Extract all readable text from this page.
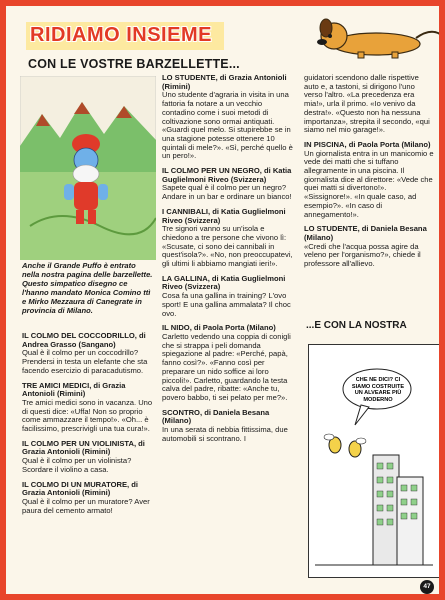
RIDIAMO INSIEME
CON LE VOSTRE BARZELLETTE...
Anche il Grande Puffo è entrato nella nostra pagina delle barzellette. Questo simpatico disegno ce l'hanno mandato Monica Comino ttì e Mirko Mezzaura di Canegrate in provincia di Milano.

IL COLMO DEL COCCODRILLO, di Andrea Grasso (Sangano)

Qual è il colmo per un coccodrillo? Prendersi in testa un elefante che sta facendo esercizio di paracadutismo.

TRE AMICI MEDICI, di Grazia Antonioli (Rimini)

Tre amici medici sono in vacanza. Uno di questi dice: «Uffa! Non so proprio come ammazzare il tempo!». «Oh... è facilissimo, prescrivigli una tua cura!».

IL COLMO PER UN VIOLINISTA, di Grazia Antonioli (Rimini)

Qual è il colmo per un violinista? Scordare il violino a casa.

IL COLMO DI UN MURATORE, di Grazia Antonioli (Rimini)

Qual è il colmo per un muratore? Aver paura del cemento armato!

LO STUDENTE, di Grazia Antonioli (Rimini)

Uno studente d'agraria in visita in una fattoria fa notare a un vecchio contadino come i suoi metodi di coltivazione sono ormai antiquati. «Guardi quel melo. Si stupirebbe se in una stagione potesse ottenere 10 quintali di mele?». «Sì, perché quello è un pero!».

IL COLMO PER UN NEGRO, di Katia Guglielmoni Riveo (Svizzera)

Sapete qual è il colmo per un negro? Andare in un bar e ordinare un bianco!

I CANNIBALI, di Katia Guglielmoni Riveo (Svizzera)

Tre signori vanno su un'isola e chiedono a tre persone che vivono lì: «Scusate, ci sono dei cannibali in quest'isola?». «No, non preoccupatevi, gli ultimi li abbiamo mangiati ieri!».

LA GALLINA, di Katia Guglielmoni Riveo (Svizzera)

Cosa fa una gallina in training? L'ovo sport! E una gallina ammalata? Il choc ovo.

IL NIDO, di Paola Porta (Milano)

Carletto vedendo una coppia di conigli che si strappa i peli domanda spiegazione al padre: «Perché, papà, fanno così?». «Fanno così per preparare un nido soffice ai loro piccoli!». Carletto, guardando la testa calva del padre, ribatte: «Anche tu, povero babbo, ti sei pelato per me?».

SCONTRO, di Daniela Besana (Milano)

In una serata di nebbia fittissima, due automobili si scontrano. I

guidatori scendono dalle rispettive auto e, a tastoni, si dirigono l'uno verso l'altro. «La precedenza era mia!», urla il primo. «Io venivo da destra!». «Questo non ha nessuna importanza», strepita il secondo, «qui siamo nel mio garage!».

IN PISCINA, di Paola Porta (Milano)

Un giornalista entra in un manicomio e vede dei matti che si tuffano allegramente in una piscina. Il giornalista dice al direttore: «Vede che quei matti si divertono!». «Sissignore!». «In quale caso, ad esempio?». «In caso di annegamento!».

LO STUDENTE, di Daniela Besana (Milano)

«Credi che l'acqua possa agire da veleno per l'organismo?», chiede il professore all'allievo.

...E CON LA NOSTRA
CHE NE DICI? CI SIAMO COSTRUITE UN ALVEARE PIÙ MODERNO
47
